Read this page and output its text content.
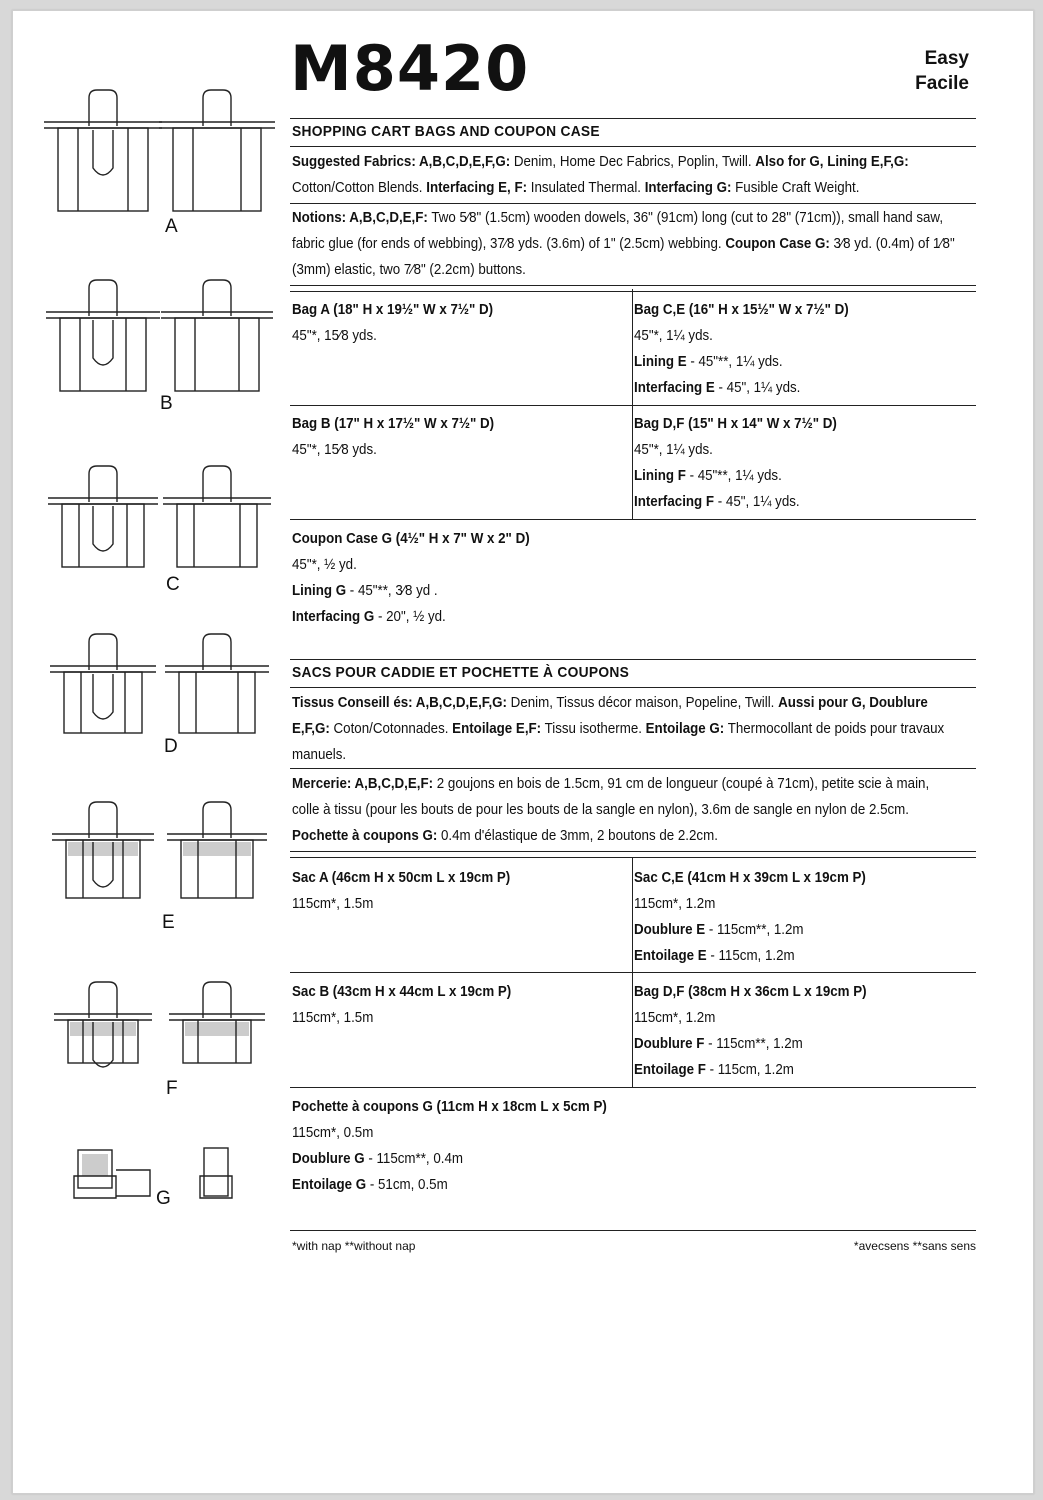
M8420	Easy
Facile
A
B
C
D
E
F
G
SHOPPING CART BAGS AND COUPON CASE
Suggested Fabrics: A,B,C,D,E,F,G: Denim, Home Dec Fabrics, Poplin, Twill. Also for G, Lining E,F,G:
Cotton/Cotton Blends. Interfacing E, F: Insulated Thermal. Interfacing G: Fusible Craft Weight.
Notions: A,B,C,D,E,F: Two 5⁄8" (1.5cm) wooden dowels, 36" (91cm) long (cut to 28" (71cm)), small hand saw,
fabric glue (for ends of webbing), 37⁄8 yds. (3.6m) of 1" (2.5cm) webbing. Coupon Case G: 3⁄8 yd. (0.4m) of 1⁄8"
(3mm) elastic, two 7⁄8" (2.2cm) buttons.
Bag A (18" H x 19½" W x 7½" D)
45"*, 15⁄8 yds.
Bag C,E (16" H x 15½" W x 7½" D)
45"*, 1¼ yds.
Lining E - 45"**, 1¼ yds.
Interfacing E - 45", 1¼ yds.
Bag B (17" H x 17½" W x 7½" D)
45"*, 15⁄8 yds.
Bag D,F (15" H x 14" W x 7½" D)
45"*, 1¼ yds.
Lining F - 45"**, 1¼ yds.
Interfacing F - 45", 1¼ yds.
Coupon Case G (4½" H x 7" W x 2" D)
45"*, ½ yd.
Lining G - 45"**, 3⁄8 yd .
Interfacing G - 20", ½ yd.
SACS POUR CADDIE ET POCHETTE À COUPONS
Tissus Conseill és: A,B,C,D,E,F,G: Denim, Tissus décor maison, Popeline, Twill. Aussi pour G, Doublure
E,F,G: Coton/Cotonnades. Entoilage E,F: Tissu isotherme. Entoilage G: Thermocollant de poids pour travaux
manuels.
Mercerie: A,B,C,D,E,F: 2 goujons en bois de 1.5cm, 91 cm de longueur (coupé à 71cm), petite scie à main,
colle à tissu (pour les bouts de pour les bouts de la sangle en nylon), 3.6m de sangle en nylon de 2.5cm.
Pochette à coupons G: 0.4m d'élastique de 3mm, 2 boutons de 2.2cm.
Sac A (46cm H x 50cm L x 19cm P)
115cm*, 1.5m
Sac C,E (41cm H x 39cm L x 19cm P)
115cm*, 1.2m
Doublure E - 115cm**, 1.2m
Entoilage E - 115cm, 1.2m
Sac B (43cm H x 44cm L x 19cm P)
115cm*, 1.5m
Bag D,F (38cm H x 36cm L x 19cm P)
115cm*, 1.2m
Doublure F - 115cm**, 1.2m
Entoilage F - 115cm, 1.2m
Pochette à coupons G (11cm H x 18cm L x 5cm P)
115cm*, 0.5m
Doublure G - 115cm**, 0.4m
Entoilage G - 51cm, 0.5m
*with nap **without nap	*avecsens **sans sens
